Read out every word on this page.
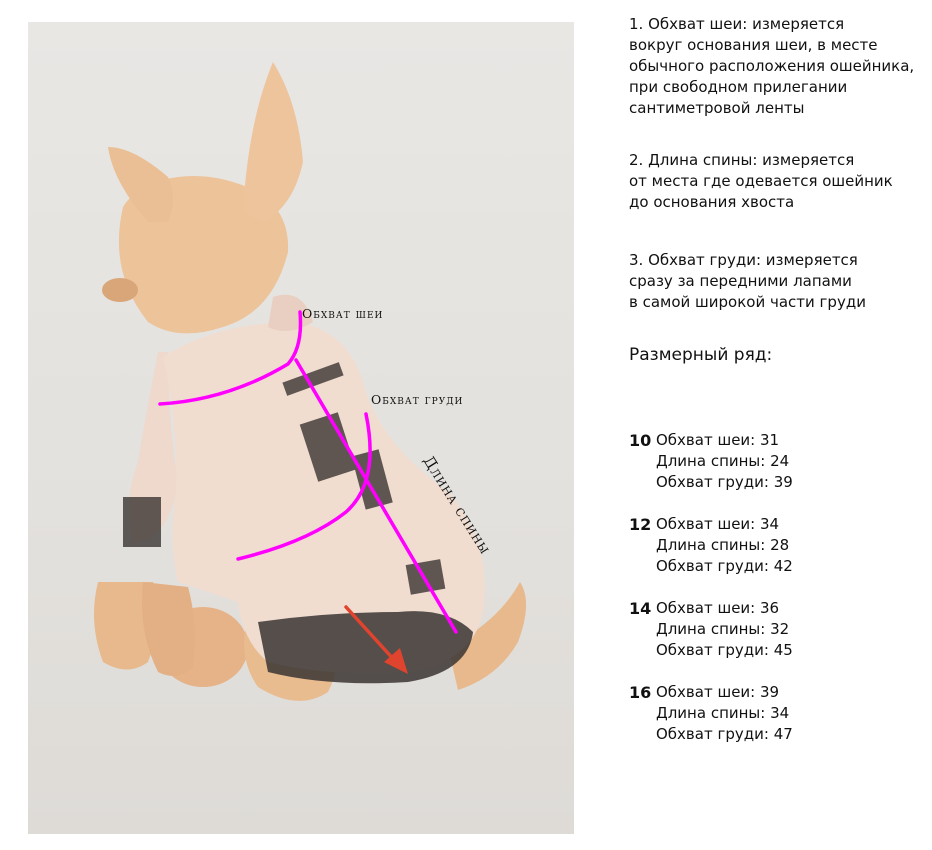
Обхват шеи
Обхват груди
Длина спины

1. Обхват шеи: измеряется
вокруг основания шеи, в месте
обычного расположения ошейника,
при свободном прилегании
сантиметровой ленты

2. Длина спины: измеряется
от места где одевается ошейник
до основания хвоста

3. Обхват груди: измеряется
сразу за передними лапами
в самой широкой части груди

Размерный ряд:
10 Обхват шеи: 31
Длина спины: 24
Обхват груди: 39
12 Обхват шеи: 34
Длина спины: 28
Обхват груди: 42
14 Обхват шеи: 36
Длина спины: 32
Обхват груди: 45
16 Обхват шеи: 39
Длина спины: 34
Обхват груди: 47
